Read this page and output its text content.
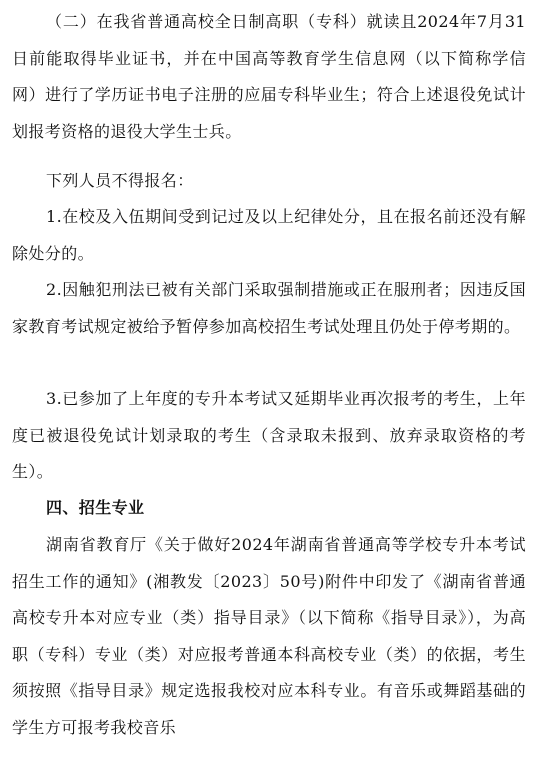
（二）在我省普通高校全日制高职（专科）就读且2024年7月31日前能取得毕业证书，并在中国高等教育学生信息网（以下简称学信网）进行了学历证书电子注册的应届专科毕业生；符合上述退役免试计划报考资格的退役大学生士兵。

下列人员不得报名：

1.在校及入伍期间受到记过及以上纪律处分，且在报名前还没有解除处分的。

2.因触犯刑法已被有关部门采取强制措施或正在服刑者；因违反国家教育考试规定被给予暂停参加高校招生考试处理且仍处于停考期的。

3.已参加了上年度的专升本考试又延期毕业再次报考的考生，上年度已被退役免试计划录取的考生（含录取未报到、放弃录取资格的考生）。

四、招生专业

湖南省教育厅《关于做好2024年湖南省普通高等学校专升本考试招生工作的通知》(湘教发〔2023〕50号)附件中印发了《湖南省普通高校专升本对应专业（类）指导目录》（以下简称《指导目录》），为高职（专科）专业（类）对应报考普通本科高校专业（类）的依据，考生须按照《指导目录》规定选报我校对应本科专业。有音乐或舞蹈基础的学生方可报考我校音乐
